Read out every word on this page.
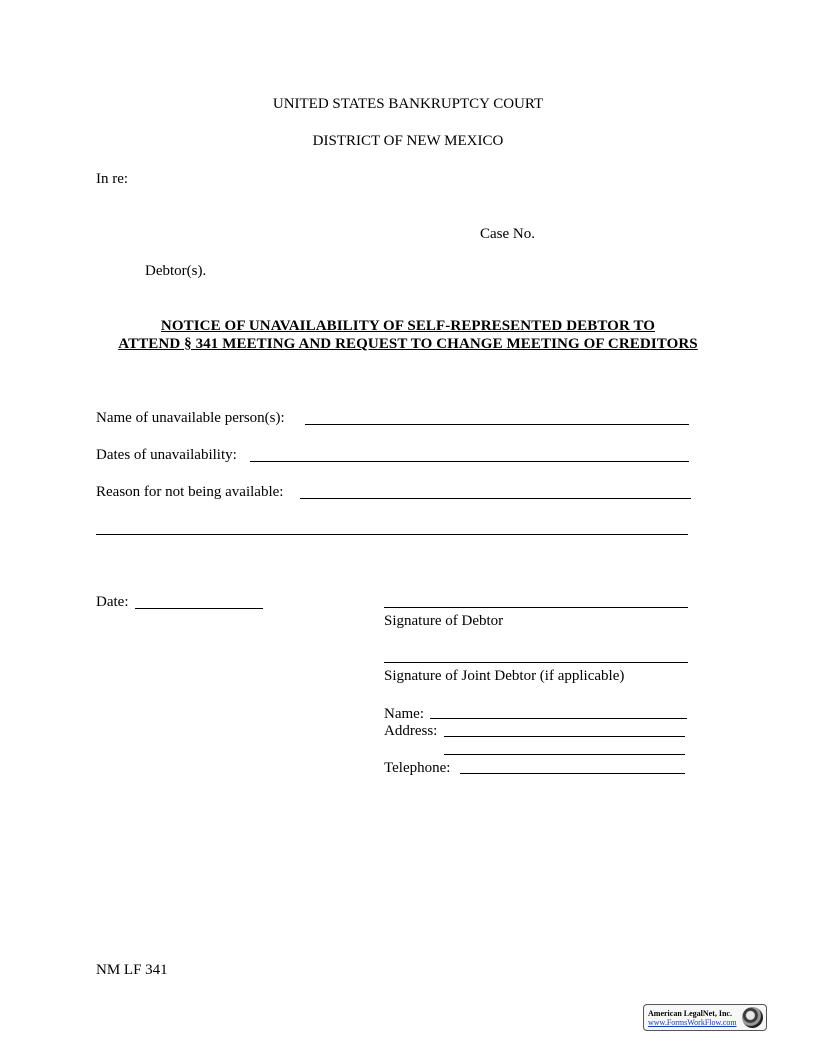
UNITED STATES BANKRUPTCY COURT
DISTRICT OF NEW MEXICO
In re:
Case No.
Debtor(s).
NOTICE OF UNAVAILABILITY OF SELF-REPRESENTED DEBTOR TO
ATTEND § 341 MEETING AND REQUEST TO CHANGE MEETING OF CREDITORS
Name of unavailable person(s):
Dates of unavailability:
Reason for not being available:
Date:
Signature of Debtor
Signature of Joint Debtor (if applicable)
Name:
Address:
Telephone:
NM LF 341
American LegalNet, Inc.
www.FormsWorkFlow.com
